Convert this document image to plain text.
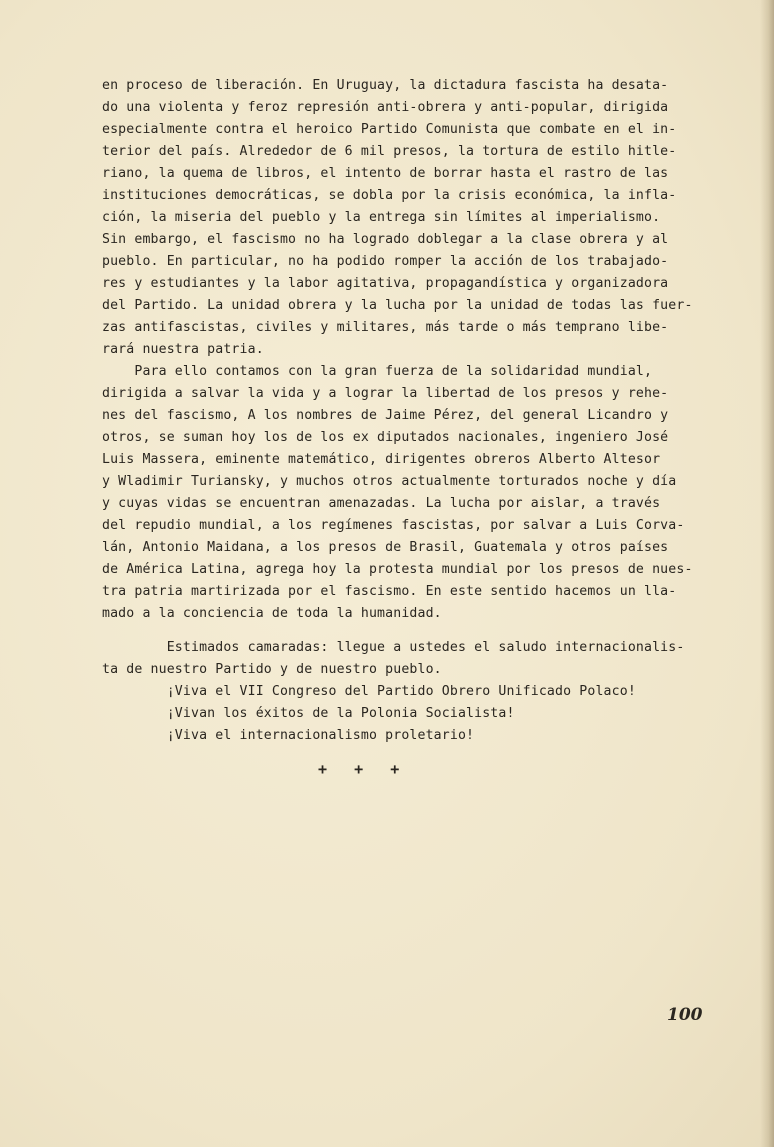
en proceso de liberación. En Uruguay, la dictadura fascista ha desata-
do una violenta y feroz represión anti-obrera y anti-popular, dirigida
especialmente contra el heroico Partido Comunista que combate en el in-
terior del país. Alrededor de 6 mil presos, la tortura de estilo hitle-
riano, la quema de libros, el intento de borrar hasta el rastro de las
instituciones democráticas, se dobla por la crisis económica, la infla-
ción, la miseria del pueblo y la entrega sin límites al imperialismo.
Sin embargo, el fascismo no ha logrado doblegar a la clase obrera y al
pueblo. En particular, no ha podido romper la acción de los trabajado-
res y estudiantes y la labor agitativa, propagandística y organizadora
del Partido. La unidad obrera y la lucha por la unidad de todas las fuer-
zas antifascistas, civiles y militares, más tarde o más temprano libe-
rará nuestra patria.
Para ello contamos con la gran fuerza de la solidaridad mundial,
dirigida a salvar la vida y a lograr la libertad de los presos y rehe-
nes del fascismo, A los nombres de Jaime Pérez, del general Licandro y
otros, se suman hoy los de los ex diputados nacionales, ingeniero José
Luis Massera, eminente matemático, dirigentes obreros Alberto Altesor
y Wladimir Turiansky, y muchos otros actualmente torturados noche y día
y cuyas vidas se encuentran amenazadas. La lucha por aislar, a través
del repudio mundial, a los regímenes fascistas, por salvar a Luis Corva-
lán, Antonio Maidana, a los presos de Brasil, Guatemala y otros países
de América Latina, agrega hoy la protesta mundial por los presos de nues-
tra patria martirizada por el fascismo. En este sentido hacemos un lla-
mado a la conciencia de toda la humanidad.
Estimados camaradas: llegue a ustedes el saludo internacionalis-
ta de nuestro Partido y de nuestro pueblo.
¡Viva el VII Congreso del Partido Obrero Unificado Polaco!
¡Vivan los éxitos de la Polonia Socialista!
¡Viva el internacionalismo proletario!
+   +   +
100
